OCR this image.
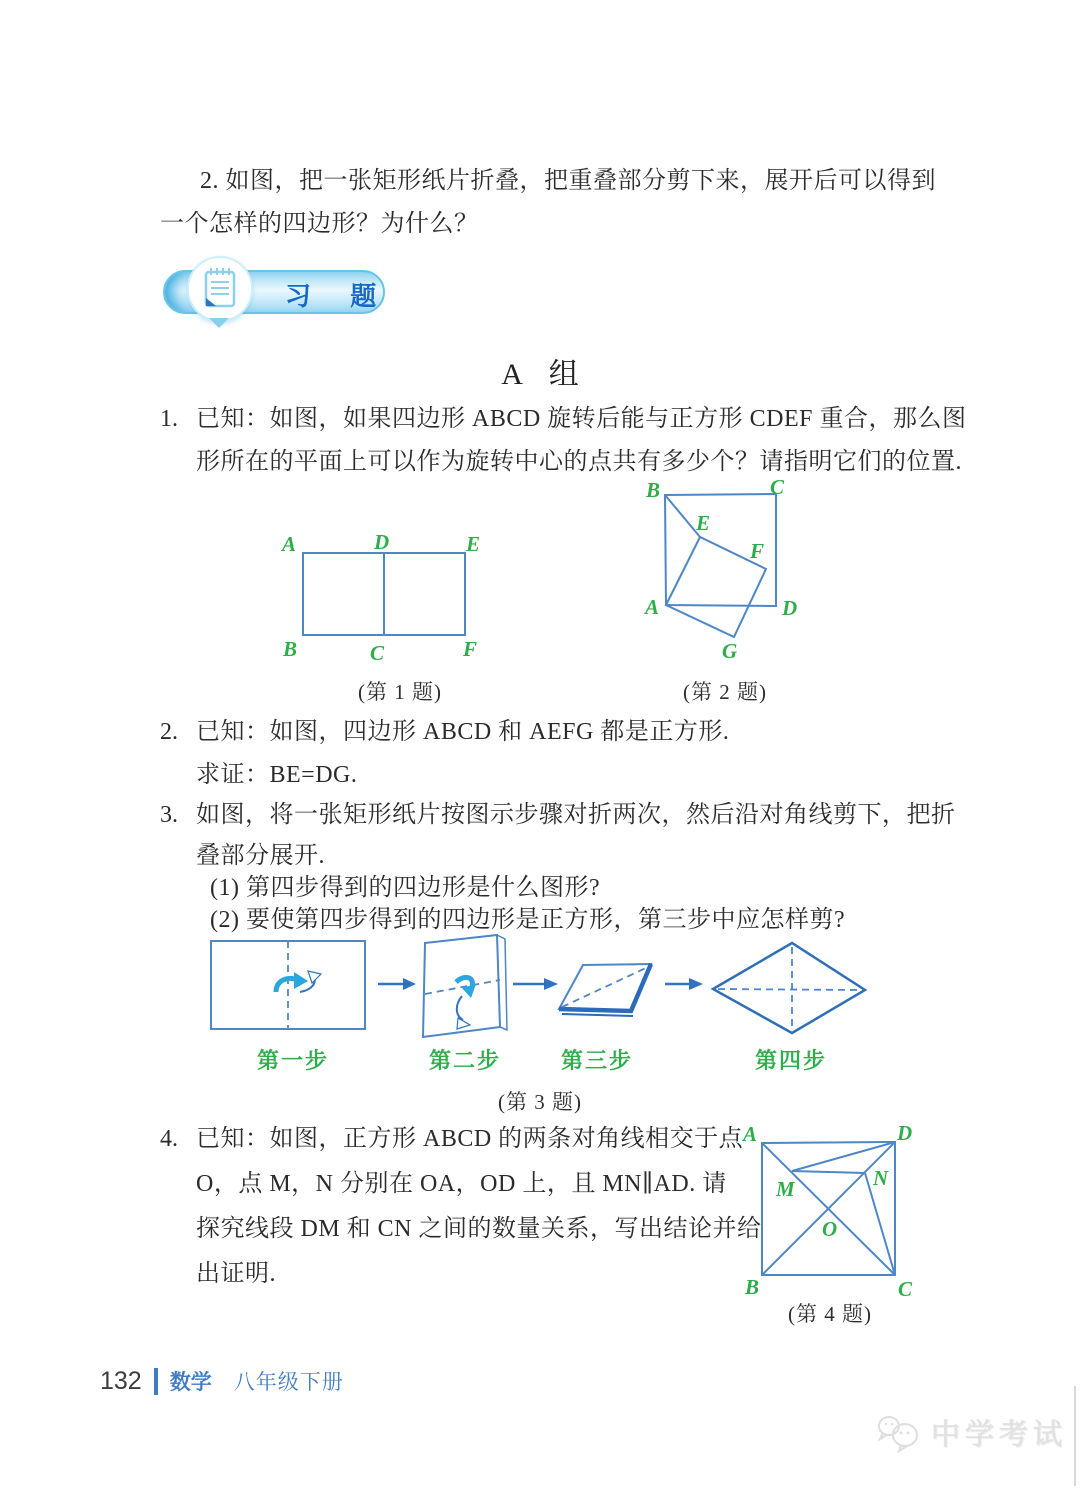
2. 如图，把一张矩形纸片折叠，把重叠部分剪下来，展开后可以得到
一个怎样的四边形？为什么？
习 题
A 组
1. 已知：如图，如果四边形 ABCD 旋转后能与正方形 CDEF 重合，那么图
形所在的平面上可以作为旋转中心的点共有多少个？请指明它们的位置.
A	D	E
B	C	F
(第 1 题)
B	C
E
F
A	D
G
(第 2 题)
2. 已知：如图，四边形 ABCD 和 AEFG 都是正方形.
求证：BE=DG.
3. 如图，将一张矩形纸片按图示步骤对折两次，然后沿对角线剪下，把折
叠部分展开.
(1) 第四步得到的四边形是什么图形?
(2) 要使第四步得到的四边形是正方形，第三步中应怎样剪?
第一步	第二步	第三步	第四步
(第 3 题)
4. 已知：如图，正方形 ABCD 的两条对角线相交于点
O，点 M，N 分别在 OA，OD 上，且 MN∥AD. 请
探究线段 DM 和 CN 之间的数量关系，写出结论并给
出证明.
A	D
M	N
O
B	C
(第 4 题)
132 数学 八年级下册
中学考试
